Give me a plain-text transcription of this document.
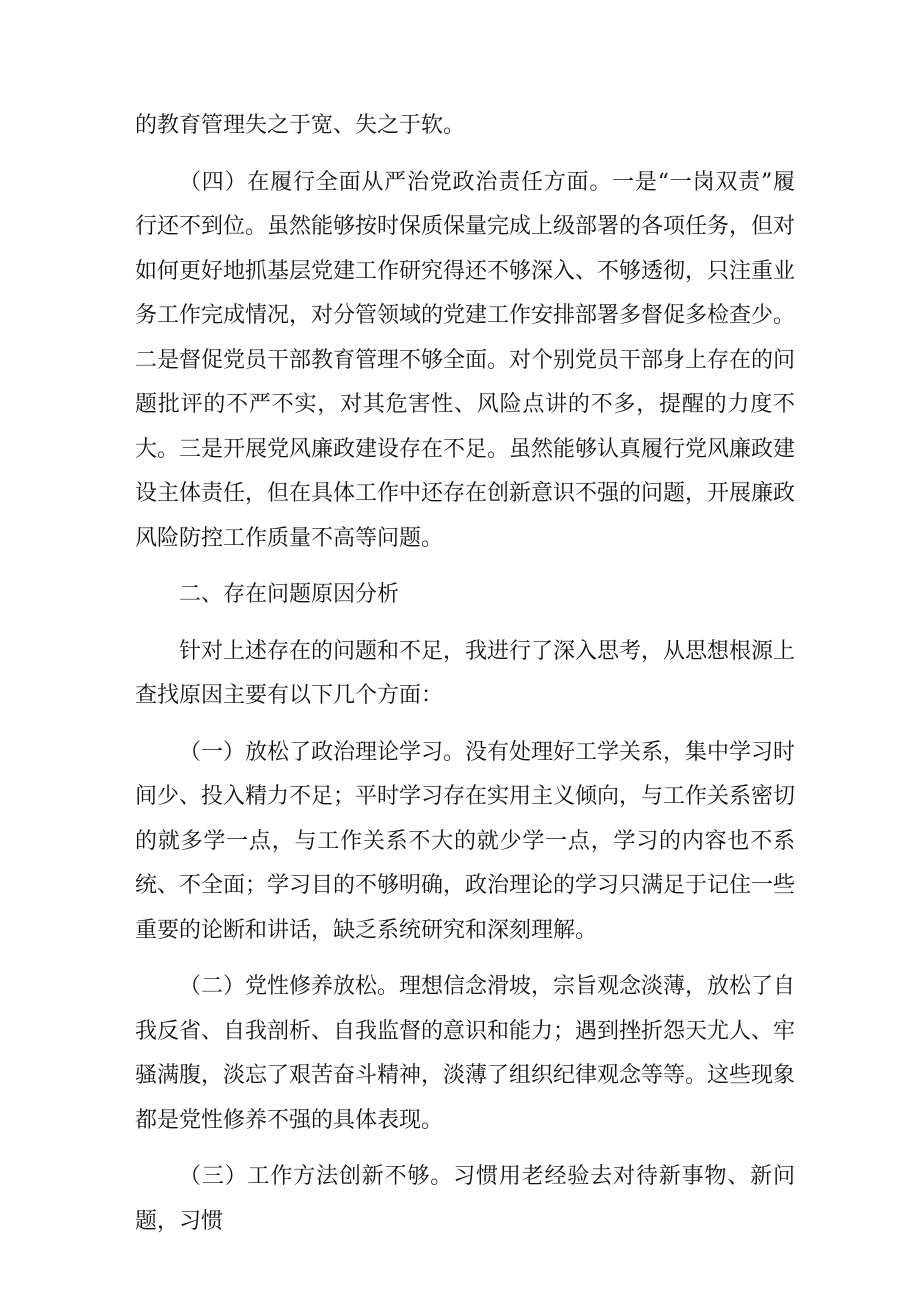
的教育管理失之于宽、失之于软。

（四）在履行全面从严治党政治责任方面。一是“一岗双责”履行还不到位。虽然能够按时保质保量完成上级部署的各项任务，但对如何更好地抓基层党建工作研究得还不够深入、不够透彻，只注重业务工作完成情况，对分管领域的党建工作安排部署多督促多检查少。二是督促党员干部教育管理不够全面。对个别党员干部身上存在的问题批评的不严不实，对其危害性、风险点讲的不多，提醒的力度不大。三是开展党风廉政建设存在不足。虽然能够认真履行党风廉政建设主体责任，但在具体工作中还存在创新意识不强的问题，开展廉政风险防控工作质量不高等问题。

二、存在问题原因分析

针对上述存在的问题和不足，我进行了深入思考，从思想根源上查找原因主要有以下几个方面：

（一）放松了政治理论学习。没有处理好工学关系，集中学习时间少、投入精力不足；平时学习存在实用主义倾向，与工作关系密切的就多学一点，与工作关系不大的就少学一点，学习的内容也不系统、不全面；学习目的不够明确，政治理论的学习只满足于记住一些重要的论断和讲话，缺乏系统研究和深刻理解。

（二）党性修养放松。理想信念滑坡，宗旨观念淡薄，放松了自我反省、自我剖析、自我监督的意识和能力；遇到挫折怨天尤人、牢骚满腹，淡忘了艰苦奋斗精神，淡薄了组织纪律观念等等。这些现象都是党性修养不强的具体表现。

（三）工作方法创新不够。习惯用老经验去对待新事物、新问题，习惯
